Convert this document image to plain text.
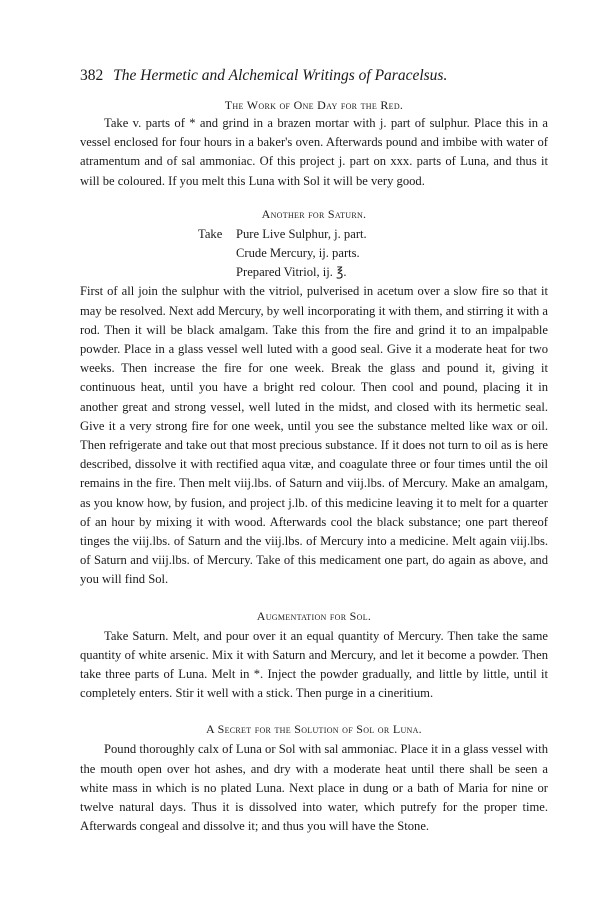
382 The Hermetic and Alchemical Writings of Paracelsus.
The Work of One Day for the Red.

Take v. parts of * and grind in a brazen mortar with j. part of sulphur. Place this in a vessel enclosed for four hours in a baker's oven. Afterwards pound and imbibe with water of atramentum and of sal ammoniac. Of this project j. part on xxx. parts of Luna, and thus it will be coloured. If you melt this Luna with Sol it will be very good.

Another for Saturn.
Take	Pure Live Sulphur, j. part.
Crude Mercury, ij. parts.
Prepared Vitriol, ij. ℥.

First of all join the sulphur with the vitriol, pulverised in acetum over a slow fire so that it may be resolved. Next add Mercury, by well incorporating it with them, and stirring it with a rod. Then it will be black amalgam. Take this from the fire and grind it to an impalpable powder. Place in a glass vessel well luted with a good seal. Give it a moderate heat for two weeks. Then increase the fire for one week. Break the glass and pound it, giving it continuous heat, until you have a bright red colour. Then cool and pound, placing it in another great and strong vessel, well luted in the midst, and closed with its hermetic seal. Give it a very strong fire for one week, until you see the substance melted like wax or oil. Then refrigerate and take out that most precious substance. If it does not turn to oil as is here described, dissolve it with rectified aqua vitæ, and coagulate three or four times until the oil remains in the fire. Then melt viij.lbs. of Saturn and viij.lbs. of Mercury. Make an amalgam, as you know how, by fusion, and project j.lb. of this medicine leaving it to melt for a quarter of an hour by mixing it with wood. Afterwards cool the black substance; one part thereof tinges the viij.lbs. of Saturn and the viij.lbs. of Mercury into a medicine. Melt again viij.lbs. of Saturn and viij.lbs. of Mercury. Take of this medicament one part, do again as above, and you will find Sol.

Augmentation for Sol.

Take Saturn. Melt, and pour over it an equal quantity of Mercury. Then take the same quantity of white arsenic. Mix it with Saturn and Mercury, and let it become a powder. Then take three parts of Luna. Melt in *. Inject the powder gradually, and little by little, until it completely enters. Stir it well with a stick. Then purge in a cineritium.

A Secret for the Solution of Sol or Luna.

Pound thoroughly calx of Luna or Sol with sal ammoniac. Place it in a glass vessel with the mouth open over hot ashes, and dry with a moderate heat until there shall be seen a white mass in which is no plated Luna. Next place in dung or a bath of Maria for nine or twelve natural days. Thus it is dissolved into water, which putrefy for the proper time. Afterwards congeal and dissolve it; and thus you will have the Stone.
